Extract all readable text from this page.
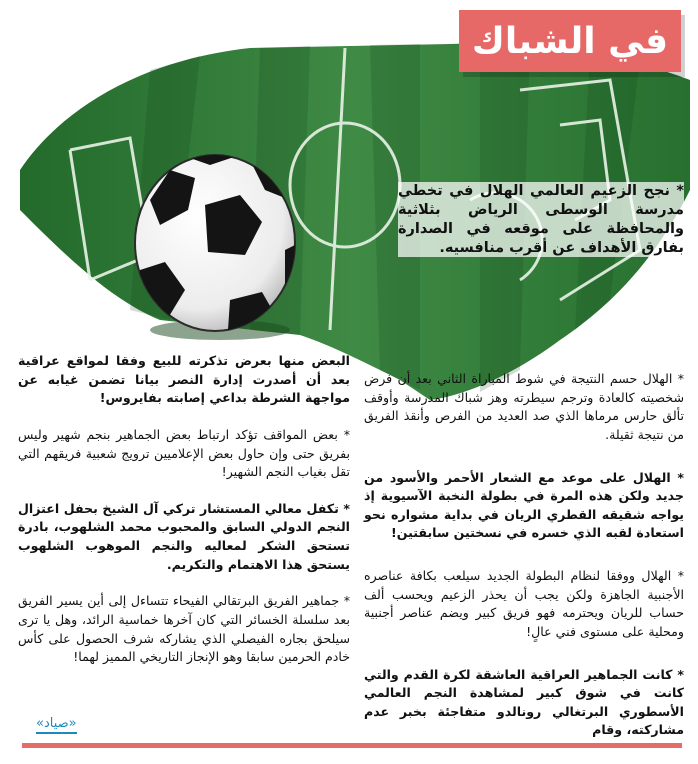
في الشباك

* نجح الزعيم العالمي الهلال في تخطي مدرسة الوسطى الرياض بثلاثية والمحافظة على موقعه في الصدارة بفارق الأهداف عن أقرب منافسيه.

* الهلال حسم النتيجة في شوط المباراة الثاني بعد أن فرض شخصيته كالعادة وترجم سيطرته وهز شباك المدرسة وأوقف تألق حارس مرماها الذي صد العديد من الفرص وأنقذ الفريق من نتيجة ثقيلة.

* الهلال على موعد مع الشعار الأحمر والأسود من جديد ولكن هذه المرة في بطولة النخبة الآسيوية إذ يواجه شقيقه القطري الريان في بداية مشواره نحو استعادة لقبه الذي خسره في نسختين سابقتين!

* الهلال ووفقا لنظام البطولة الجديد سيلعب بكافة عناصره الأجنبية الجاهزة ولكن يجب أن يحذر الزعيم ويحسب ألف حساب للريان ويحترمه فهو فريق كبير ويضم عناصر أجنبية ومحلية على مستوى فني عالٍ!

* كانت الجماهير العراقية العاشقة لكرة القدم والتي كانت في شوق كبير لمشاهدة النجم العالمي الأسطوري البرتغالي رونالدو متفاجئة بخبر عدم مشاركته، وقام

البعض منها بعرض تذكرته للبيع وفقا لمواقع عراقية بعد أن أصدرت إدارة النصر بيانا تضمن غيابه عن مواجهة الشرطة بداعي إصابته بفايروس!

* بعض المواقف تؤكد ارتباط بعض الجماهير بنجم شهير وليس بفريق حتى وإن حاول بعض الإعلاميين ترويج شعبية فريقهم التي تقل بغياب النجم الشهير!

* تكفل معالي المستشار تركي آل الشيخ بحفل اعتزال النجم الدولي السابق والمحبوب محمد الشلهوب، بادرة تستحق الشكر لمعاليه والنجم الموهوب الشلهوب يستحق هذا الاهتمام والتكريم.

* جماهير الفريق البرتقالي الفيحاء تتساءل إلى أين يسير الفريق بعد سلسلة الخسائر التي كان آخرها خماسية الرائد، وهل يا ترى سيلحق بجاره الفيصلي الذي يشاركه شرف الحصول على كأس خادم الحرمين سابقا وهو الإنجاز التاريخي المميز لهما!

«صياد»
